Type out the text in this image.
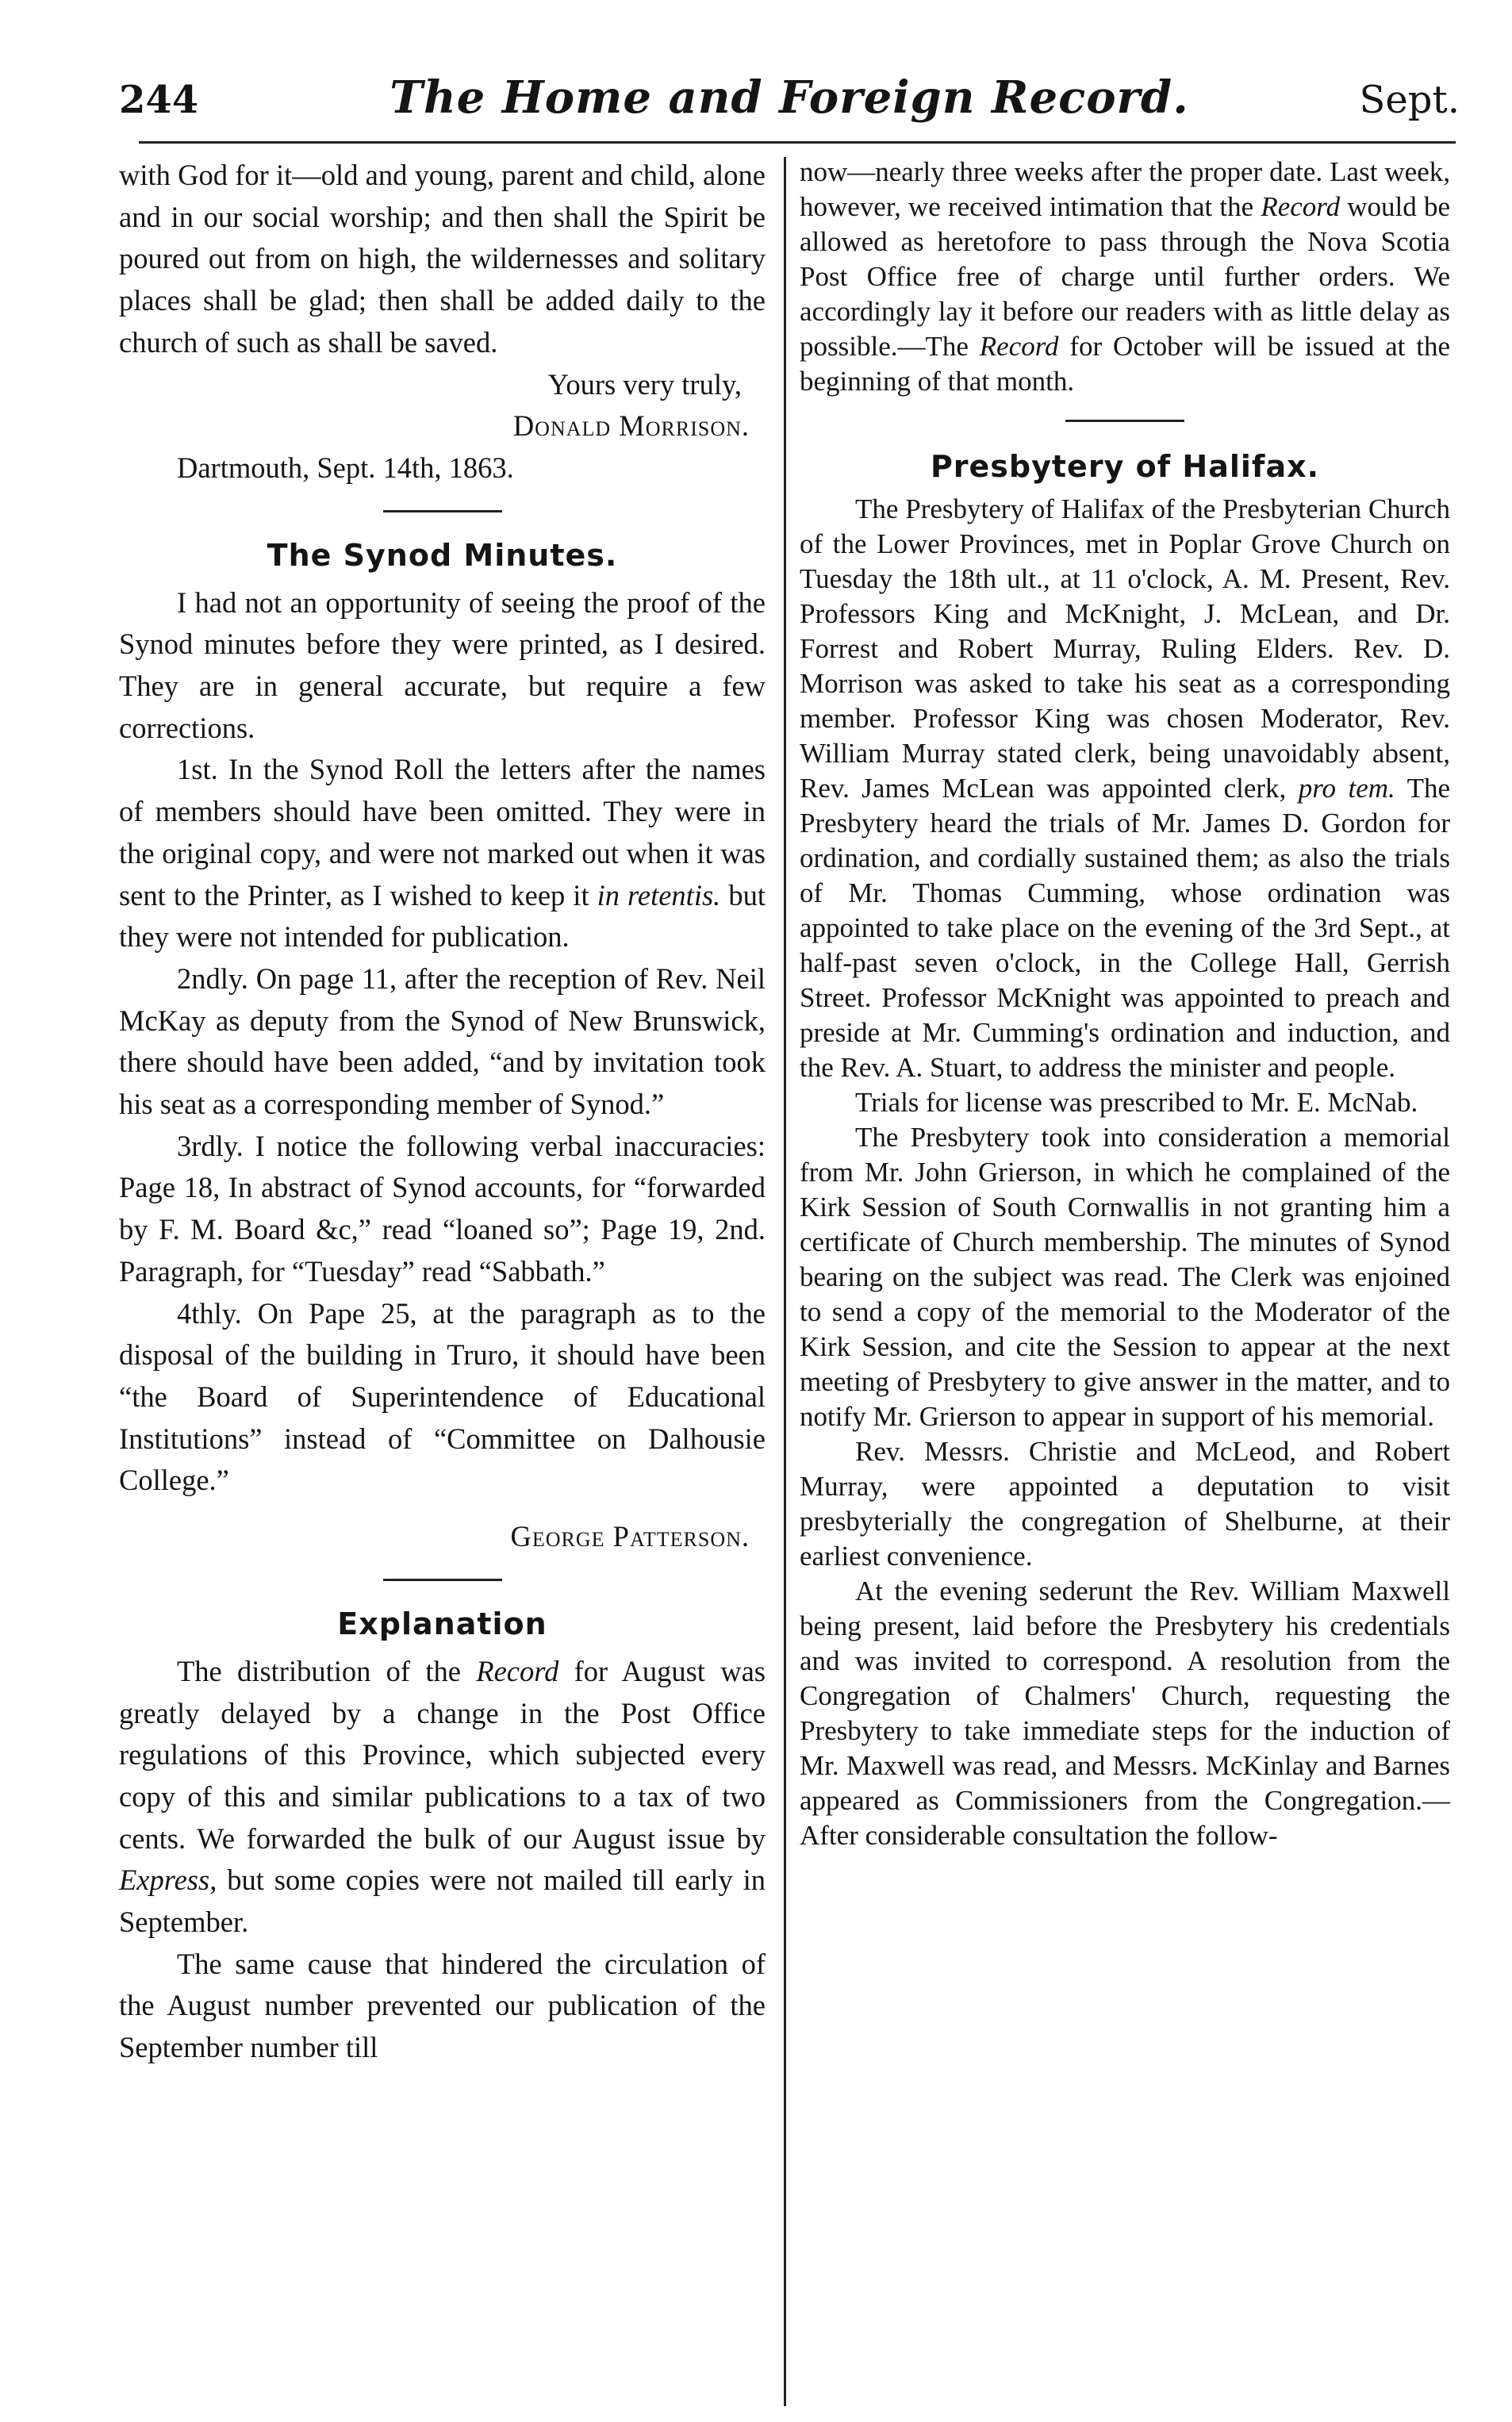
244	The Home and Foreign Record.	Sept.

with God for it—old and young, parent and child, alone and in our social worship; and then shall the Spirit be poured out from on high, the wildernesses and solitary places shall be glad; then shall be added daily to the church of such as shall be saved.

Yours very truly,

Donald Morrison.

Dartmouth, Sept. 14th, 1863.

The Synod Minutes.

I had not an opportunity of seeing the proof of the Synod minutes before they were printed, as I desired. They are in general accurate, but require a few corrections.

1st. In the Synod Roll the letters after the names of members should have been omitted. They were in the original copy, and were not marked out when it was sent to the Printer, as I wished to keep it in retentis. but they were not intended for publication.

2ndly. On page 11, after the reception of Rev. Neil McKay as deputy from the Synod of New Brunswick, there should have been added, “and by invitation took his seat as a corresponding member of Synod.”

3rdly. I notice the following verbal inaccuracies: Page 18, In abstract of Synod accounts, for “forwarded by F. M. Board &c,” read “loaned so”; Page 19, 2nd. Paragraph, for “Tuesday” read “Sabbath.”

4thly. On Pape 25, at the paragraph as to the disposal of the building in Truro, it should have been “the Board of Superintendence of Educational Institutions” instead of “Committee on Dalhousie College.”

George Patterson.

Explanation

The distribution of the Record for August was greatly delayed by a change in the Post Office regulations of this Province, which subjected every copy of this and similar publications to a tax of two cents. We forwarded the bulk of our August issue by Express, but some copies were not mailed till early in September.

The same cause that hindered the circulation of the August number prevented our publication of the September number till

now—nearly three weeks after the proper date. Last week, however, we received intimation that the Record would be allowed as heretofore to pass through the Nova Scotia Post Office free of charge until further orders. We accordingly lay it before our readers with as little delay as possible.—The Record for October will be issued at the beginning of that month.

Presbytery of Halifax.

The Presbytery of Halifax of the Presbyterian Church of the Lower Provinces, met in Poplar Grove Church on Tuesday the 18th ult., at 11 o'clock, A. M. Present, Rev. Professors King and McKnight, J. McLean, and Dr. Forrest and Robert Murray, Ruling Elders. Rev. D. Morrison was asked to take his seat as a corresponding member. Professor King was chosen Moderator, Rev. William Murray stated clerk, being unavoidably absent, Rev. James McLean was appointed clerk, pro tem. The Presbytery heard the trials of Mr. James D. Gordon for ordination, and cordially sustained them; as also the trials of Mr. Thomas Cumming, whose ordination was appointed to take place on the evening of the 3rd Sept., at half-past seven o'clock, in the College Hall, Gerrish Street. Professor McKnight was appointed to preach and preside at Mr. Cumming's ordination and induction, and the Rev. A. Stuart, to address the minister and people.

Trials for license was prescribed to Mr. E. McNab.

The Presbytery took into consideration a memorial from Mr. John Grierson, in which he complained of the Kirk Session of South Cornwallis in not granting him a certificate of Church membership. The minutes of Synod bearing on the subject was read. The Clerk was enjoined to send a copy of the memorial to the Moderator of the Kirk Session, and cite the Session to appear at the next meeting of Presbytery to give answer in the matter, and to notify Mr. Grierson to appear in support of his memorial.

Rev. Messrs. Christie and McLeod, and Robert Murray, were appointed a deputation to visit presbyterially the congregation of Shelburne, at their earliest convenience.

At the evening sederunt the Rev. William Maxwell being present, laid before the Presbytery his credentials and was invited to correspond. A resolution from the Congregation of Chalmers' Church, requesting the Presbytery to take immediate steps for the induction of Mr. Maxwell was read, and Messrs. McKinlay and Barnes appeared as Commissioners from the Congregation.—After considerable consultation the follow-
